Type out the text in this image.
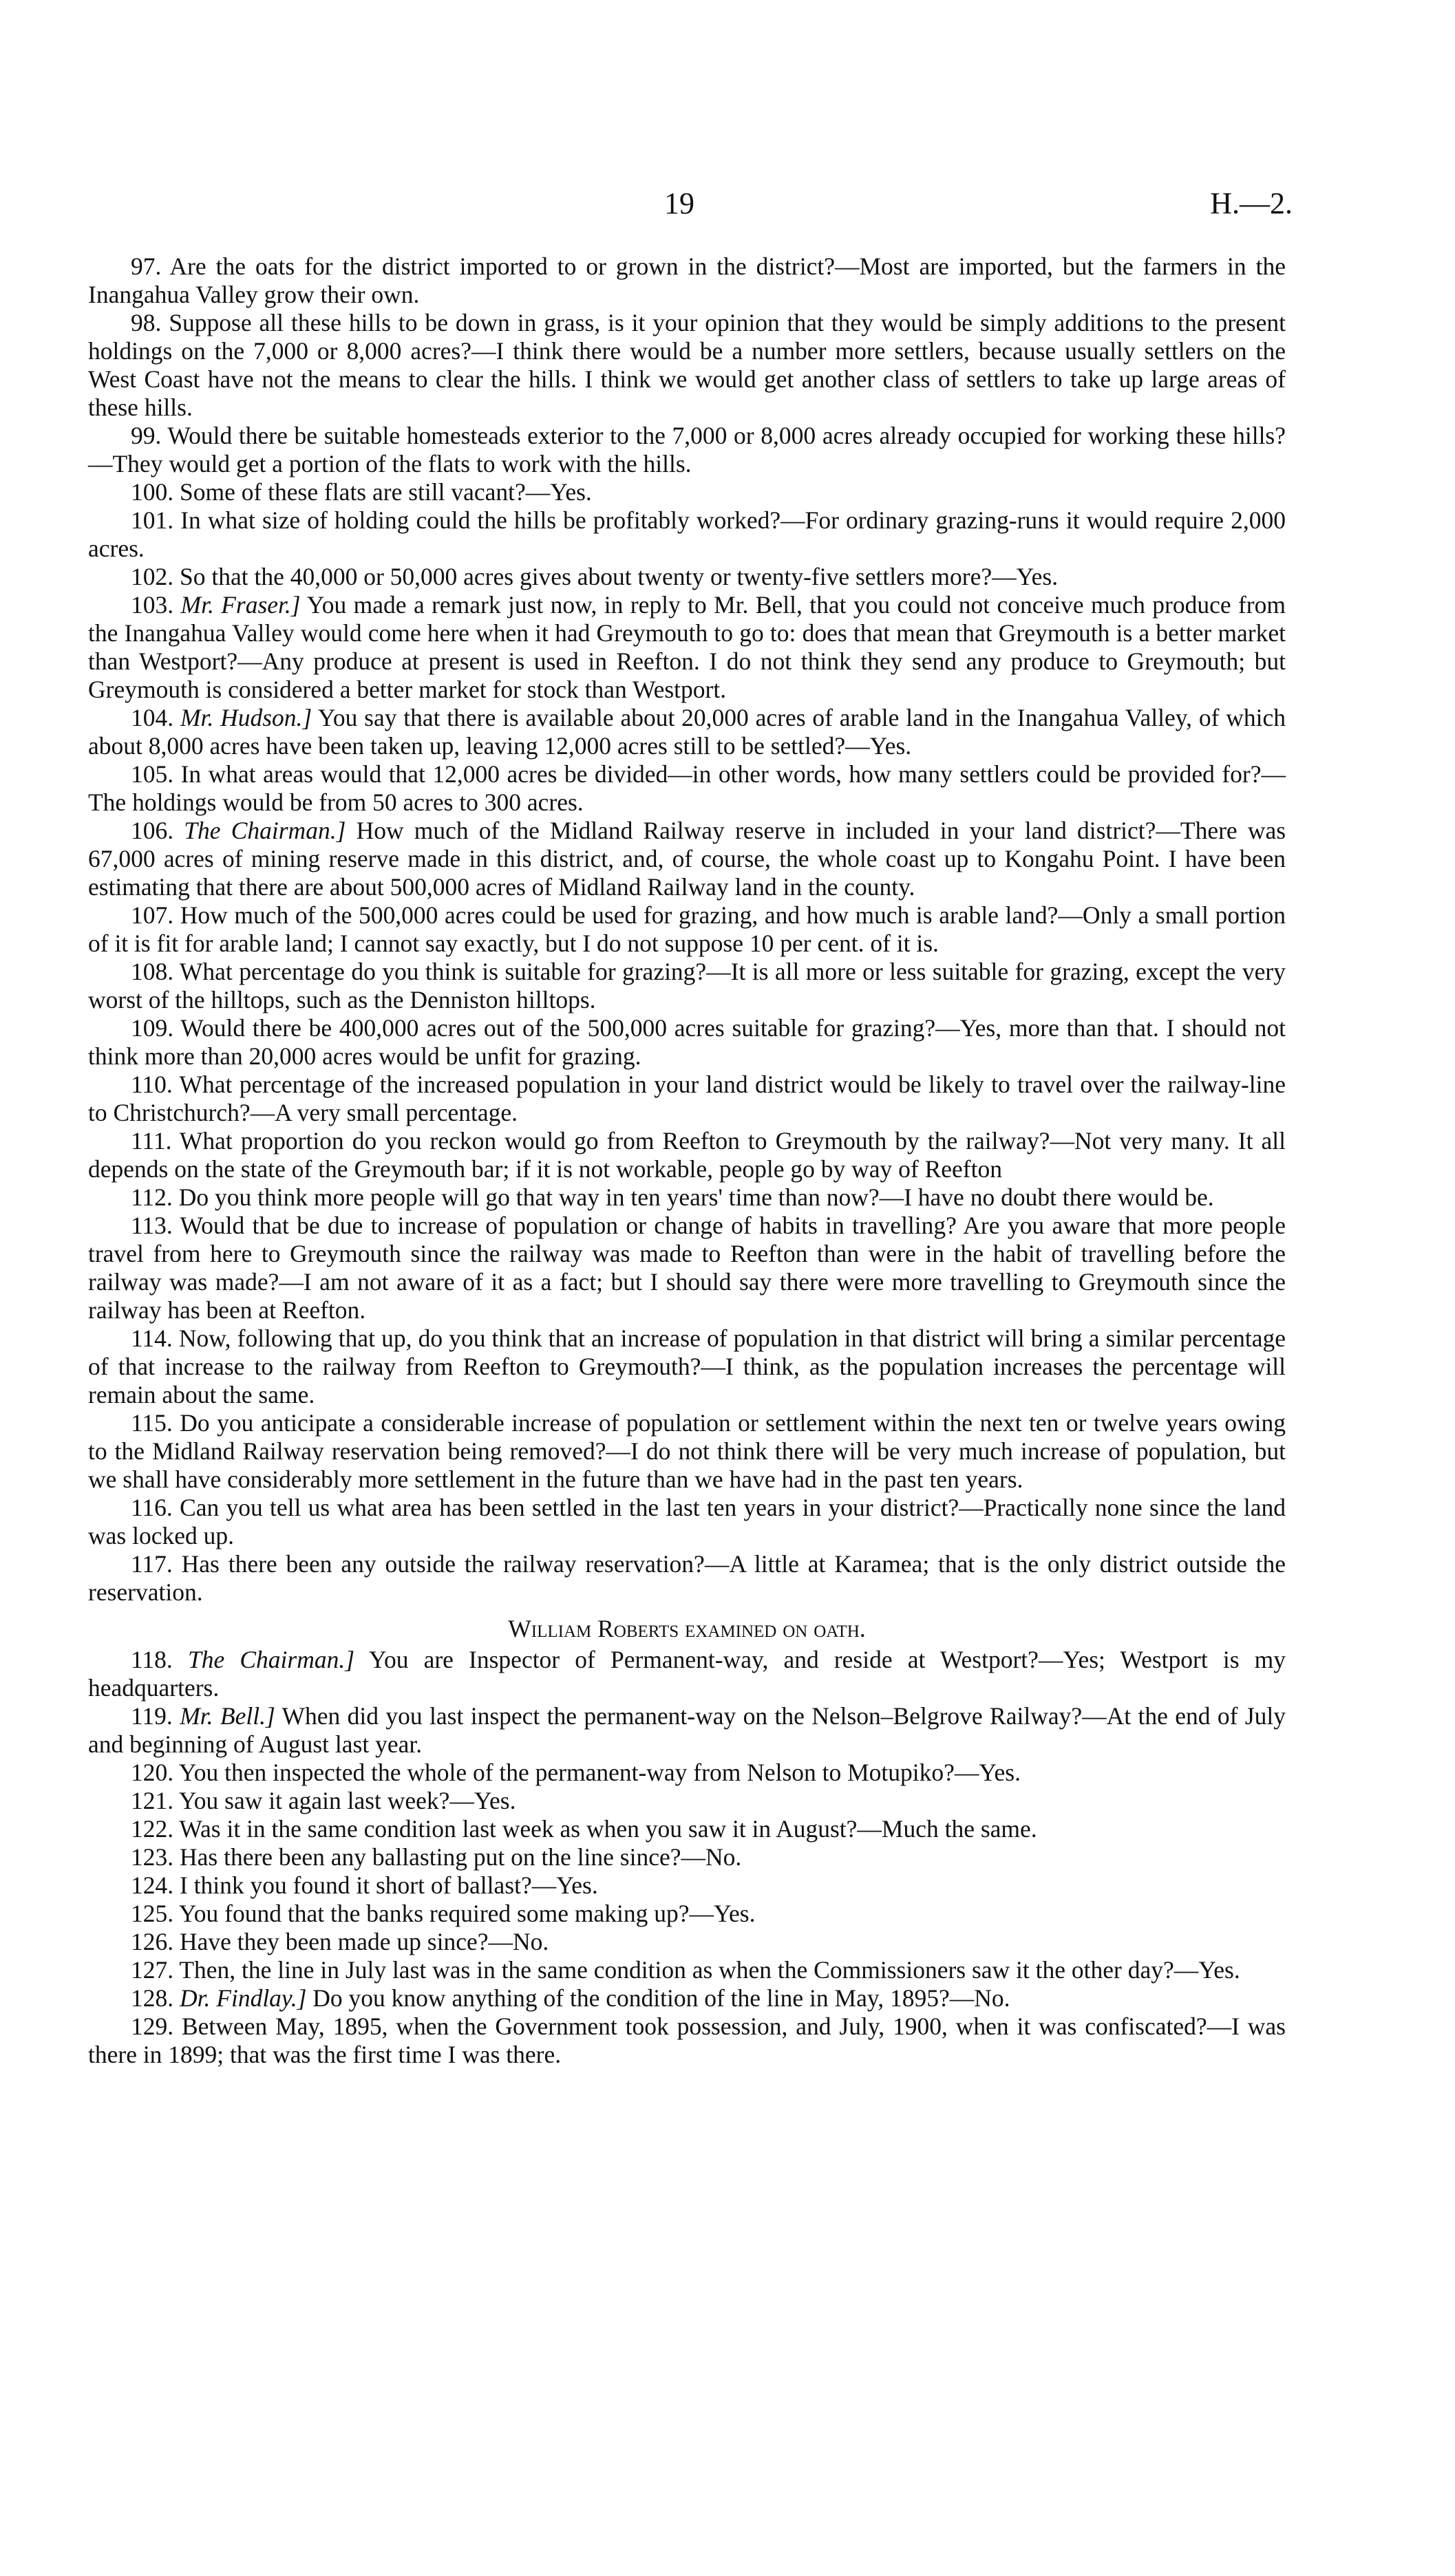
19	H.—2.

97. Are the oats for the district imported to or grown in the district?—Most are imported, but the farmers in the Inangahua Valley grow their own.

98. Suppose all these hills to be down in grass, is it your opinion that they would be simply additions to the present holdings on the 7,000 or 8,000 acres?—I think there would be a number more settlers, because usually settlers on the West Coast have not the means to clear the hills. I think we would get another class of settlers to take up large areas of these hills.

99. Would there be suitable homesteads exterior to the 7,000 or 8,000 acres already occupied for working these hills?—They would get a portion of the flats to work with the hills.

100. Some of these flats are still vacant?—Yes.

101. In what size of holding could the hills be profitably worked?—For ordinary grazing-runs it would require 2,000 acres.

102. So that the 40,000 or 50,000 acres gives about twenty or twenty-five settlers more?—Yes.

103. Mr. Fraser.] You made a remark just now, in reply to Mr. Bell, that you could not conceive much produce from the Inangahua Valley would come here when it had Greymouth to go to: does that mean that Greymouth is a better market than Westport?—Any produce at present is used in Reefton. I do not think they send any produce to Greymouth; but Greymouth is considered a better market for stock than Westport.

104. Mr. Hudson.] You say that there is available about 20,000 acres of arable land in the Inangahua Valley, of which about 8,000 acres have been taken up, leaving 12,000 acres still to be settled?—Yes.

105. In what areas would that 12,000 acres be divided—in other words, how many settlers could be provided for?—The holdings would be from 50 acres to 300 acres.

106. The Chairman.] How much of the Midland Railway reserve in included in your land district?—There was 67,000 acres of mining reserve made in this district, and, of course, the whole coast up to Kongahu Point. I have been estimating that there are about 500,000 acres of Midland Railway land in the county.

107. How much of the 500,000 acres could be used for grazing, and how much is arable land?—Only a small portion of it is fit for arable land; I cannot say exactly, but I do not suppose 10 per cent. of it is.

108. What percentage do you think is suitable for grazing?—It is all more or less suitable for grazing, except the very worst of the hilltops, such as the Denniston hilltops.

109. Would there be 400,000 acres out of the 500,000 acres suitable for grazing?—Yes, more than that. I should not think more than 20,000 acres would be unfit for grazing.

110. What percentage of the increased population in your land district would be likely to travel over the railway-line to Christchurch?—A very small percentage.

111. What proportion do you reckon would go from Reefton to Greymouth by the railway?—Not very many. It all depends on the state of the Greymouth bar; if it is not workable, people go by way of Reefton

112. Do you think more people will go that way in ten years' time than now?—I have no doubt there would be.

113. Would that be due to increase of population or change of habits in travelling? Are you aware that more people travel from here to Greymouth since the railway was made to Reefton than were in the habit of travelling before the railway was made?—I am not aware of it as a fact; but I should say there were more travelling to Greymouth since the railway has been at Reefton.

114. Now, following that up, do you think that an increase of population in that district will bring a similar percentage of that increase to the railway from Reefton to Greymouth?—I think, as the population increases the percentage will remain about the same.

115. Do you anticipate a considerable increase of population or settlement within the next ten or twelve years owing to the Midland Railway reservation being removed?—I do not think there will be very much increase of population, but we shall have considerably more settlement in the future than we have had in the past ten years.

116. Can you tell us what area has been settled in the last ten years in your district?—Practically none since the land was locked up.

117. Has there been any outside the railway reservation?—A little at Karamea; that is the only district outside the reservation.

William Roberts examined on oath.

118. The Chairman.] You are Inspector of Permanent-way, and reside at Westport?—Yes; Westport is my headquarters.

119. Mr. Bell.] When did you last inspect the permanent-way on the Nelson–Belgrove Railway?—At the end of July and beginning of August last year.

120. You then inspected the whole of the permanent-way from Nelson to Motupiko?—Yes.

121. You saw it again last week?—Yes.

122. Was it in the same condition last week as when you saw it in August?—Much the same.

123. Has there been any ballasting put on the line since?—No.

124. I think you found it short of ballast?—Yes.

125. You found that the banks required some making up?—Yes.

126. Have they been made up since?—No.

127. Then, the line in July last was in the same condition as when the Commissioners saw it the other day?—Yes.

128. Dr. Findlay.] Do you know anything of the condition of the line in May, 1895?—No.

129. Between May, 1895, when the Government took possession, and July, 1900, when it was confiscated?—I was there in 1899; that was the first time I was there.
